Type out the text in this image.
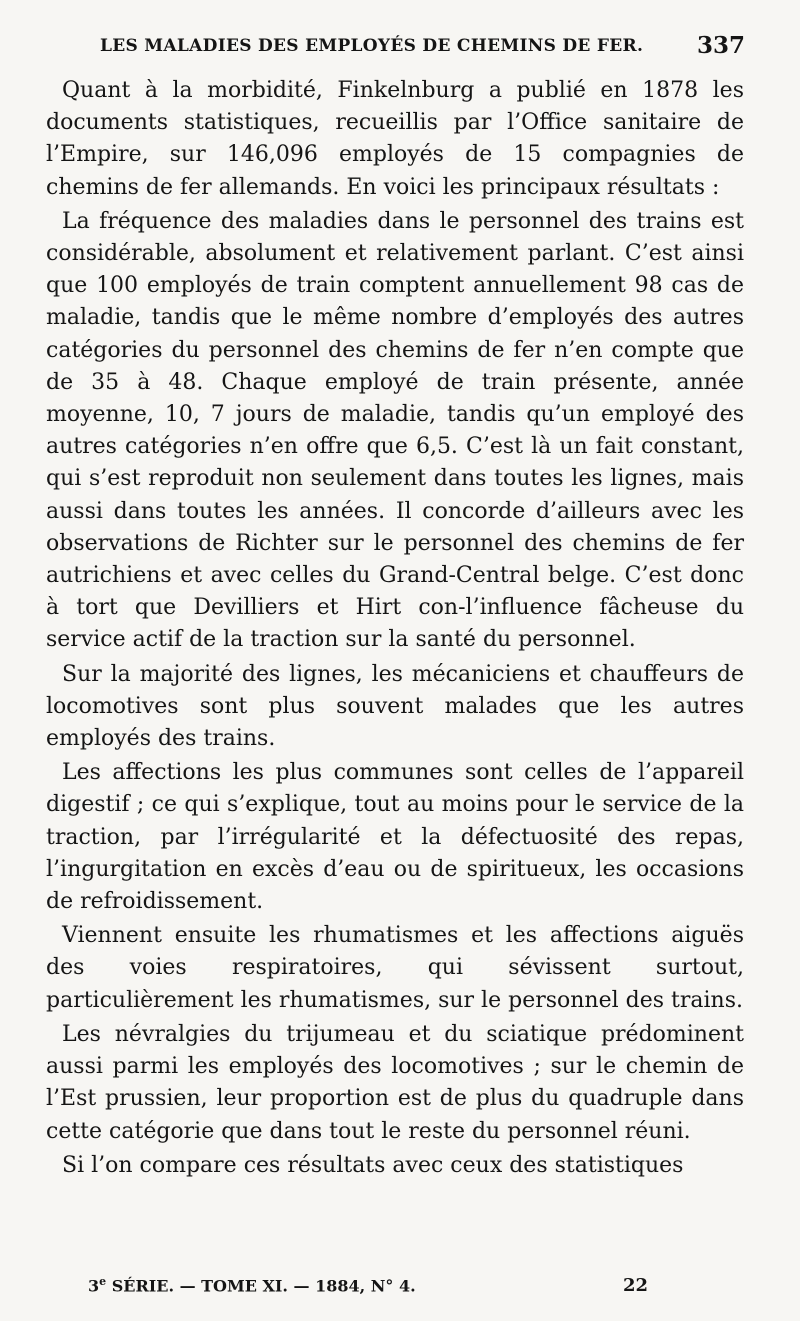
LES MALADIES DES EMPLOYÉS DE CHEMINS DE FER. 337

Quant à la morbidité, Finkelnburg a publié en 1878 les documents statistiques, recueillis par l’Office sanitaire de l’Empire, sur 146,096 employés de 15 compagnies de chemins de fer allemands. En voici les principaux résultats :

La fréquence des maladies dans le personnel des trains est considérable, absolument et relativement parlant. C’est ainsi que 100 employés de train comptent annuellement 98 cas de maladie, tandis que le même nombre d’employés des autres catégories du personnel des chemins de fer n’en compte que de 35 à 48. Chaque employé de train présente, année moyenne, 10, 7 jours de maladie, tandis qu’un employé des autres catégories n’en offre que 6,5. C’est là un fait constant, qui s’est reproduit non seulement dans toutes les lignes, mais aussi dans toutes les années. Il concorde d’ailleurs avec les observations de Richter sur le personnel des chemins de fer autrichiens et avec celles du Grand-Central belge. C’est donc à tort que Devilliers et Hirt con-l’influence fâcheuse du service actif de la traction sur la santé du personnel.

Sur la majorité des lignes, les mécaniciens et chauffeurs de locomotives sont plus souvent malades que les autres employés des trains.

Les affections les plus communes sont celles de l’appareil digestif ; ce qui s’explique, tout au moins pour le service de la traction, par l’irrégularité et la défectuosité des repas, l’ingurgitation en excès d’eau ou de spiritueux, les occasions de refroidissement.

Viennent ensuite les rhumatismes et les affections aiguës des voies respiratoires, qui sévissent surtout, particulièrement les rhumatismes, sur le personnel des trains.

Les névralgies du trijumeau et du sciatique prédominent aussi parmi les employés des locomotives ; sur le chemin de l’Est prussien, leur proportion est de plus du quadruple dans cette catégorie que dans tout le reste du personnel réuni.

Si l’on compare ces résultats avec ceux des statistiques

3e SÉRIE. — TOME XI. — 1884, N° 4.	22
